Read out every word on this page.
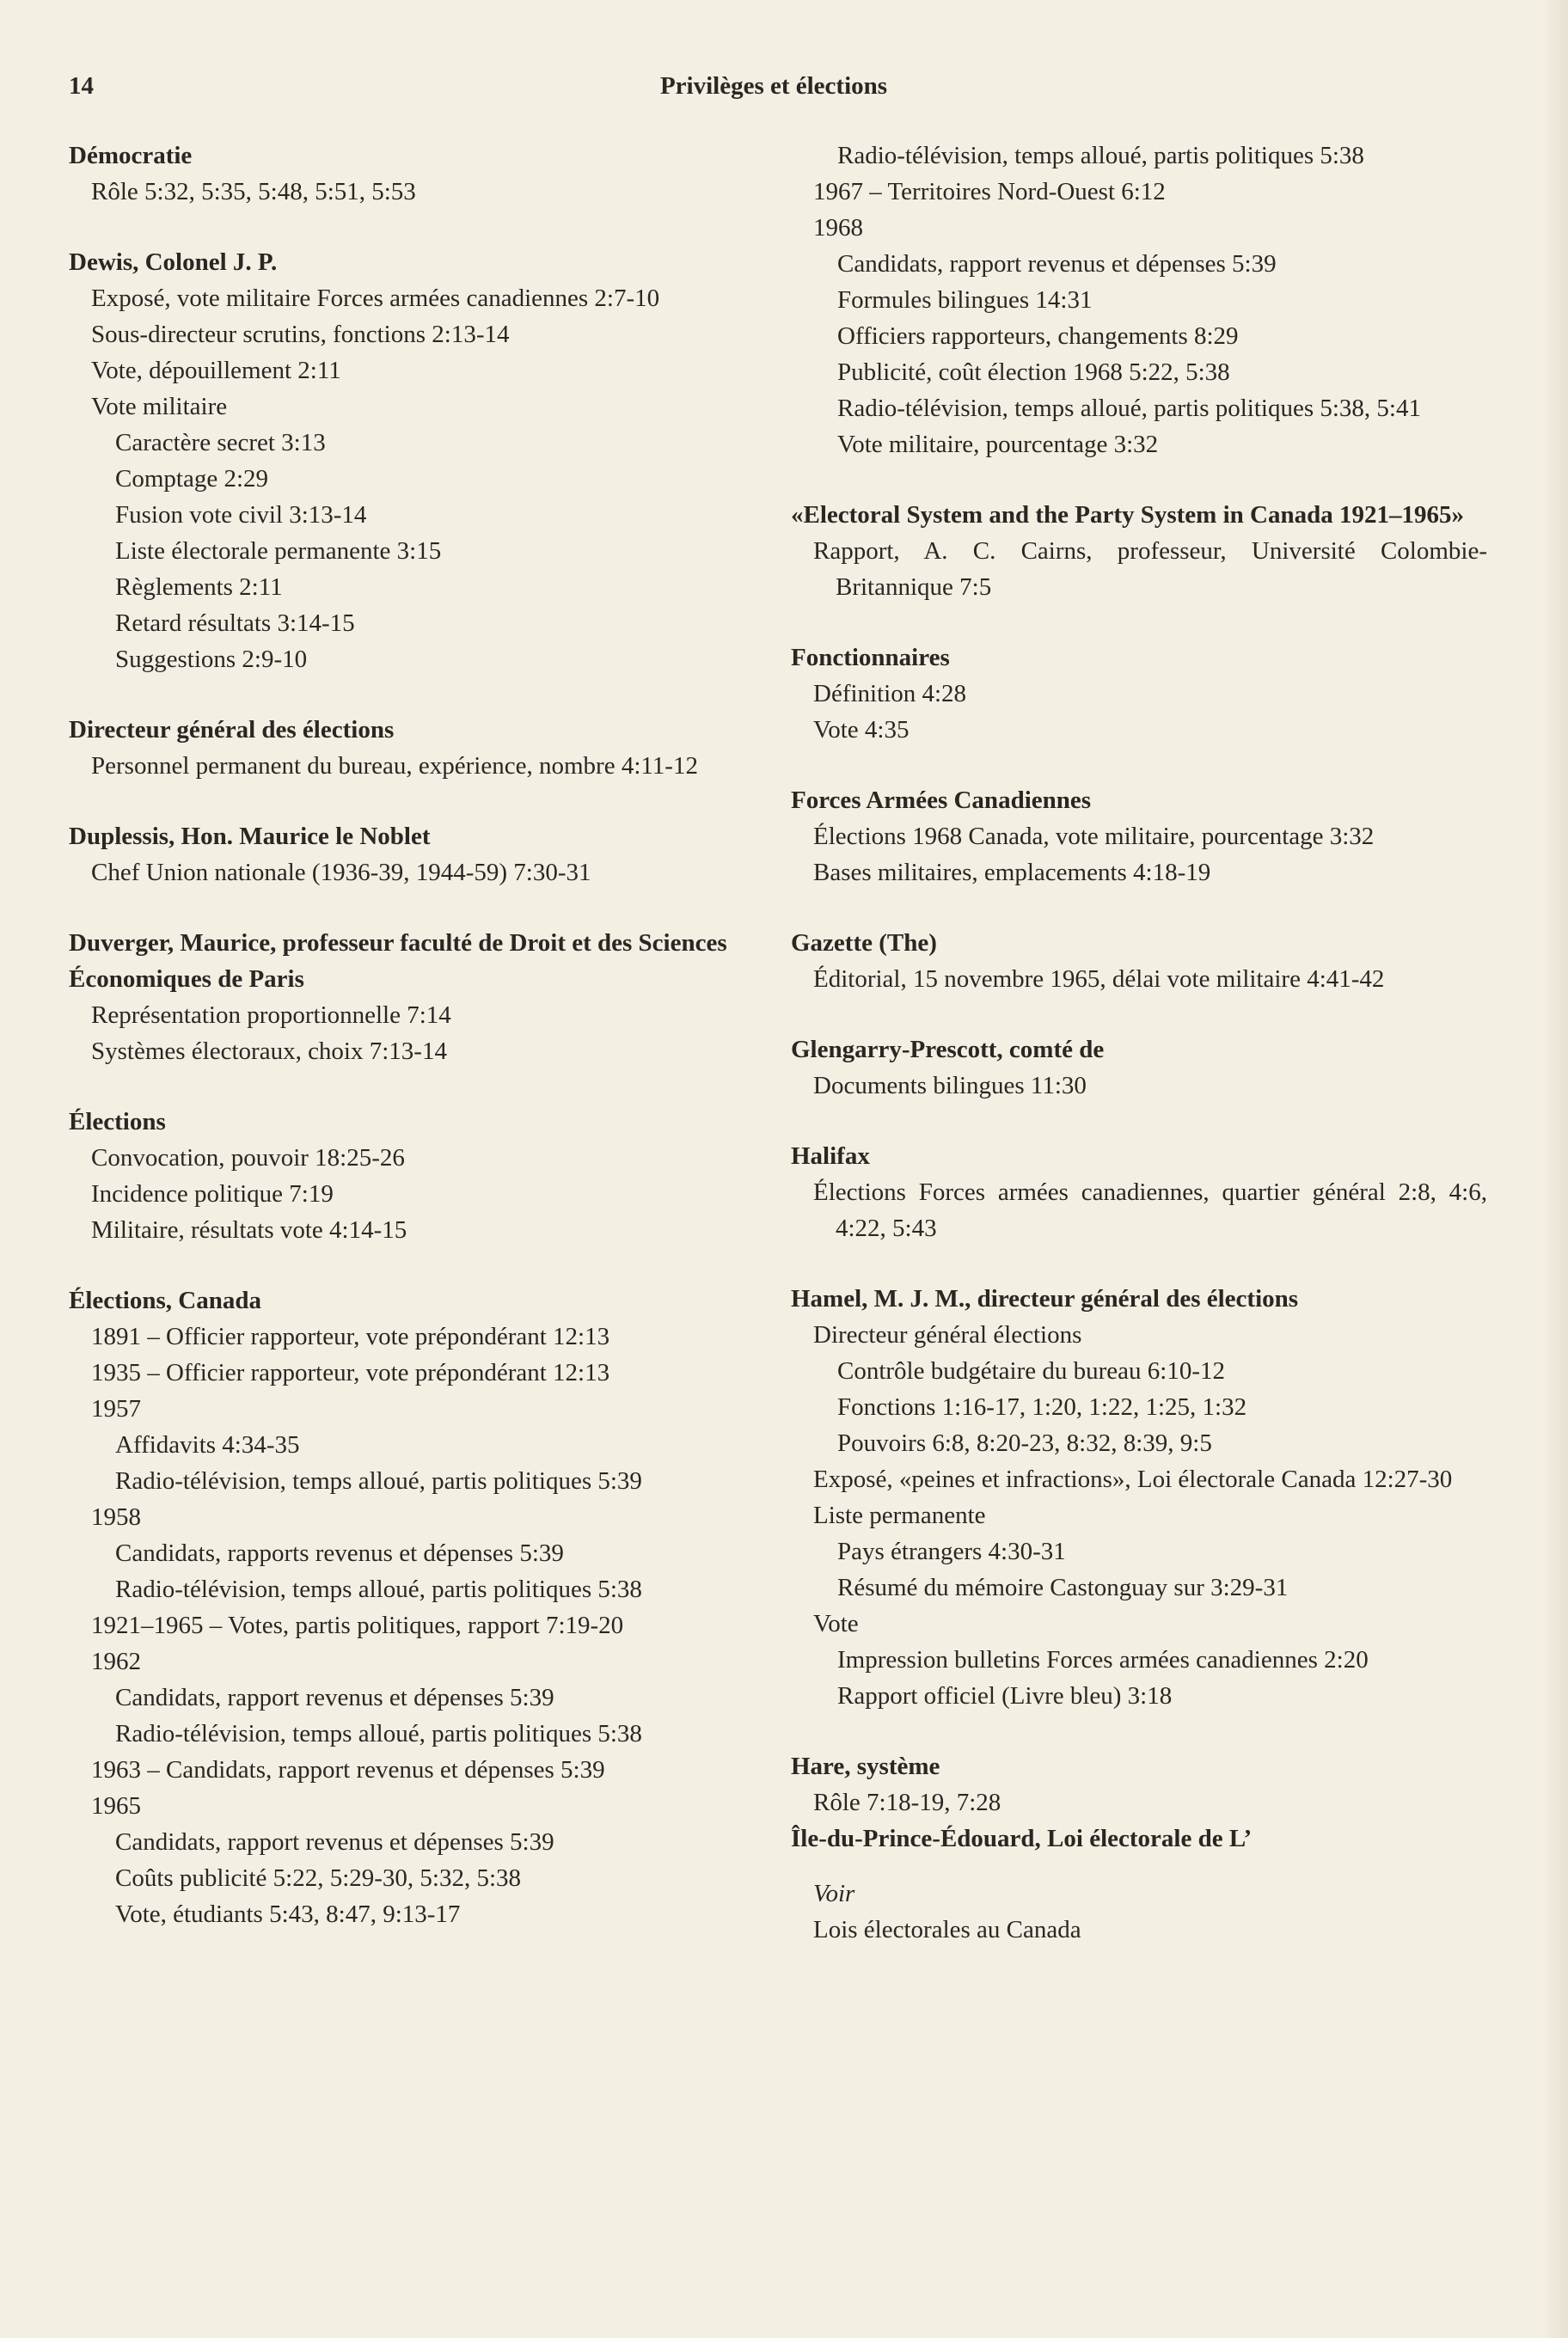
14	Privilèges et élections
Démocratie
Rôle 5:32, 5:35, 5:48, 5:51, 5:53
Dewis, Colonel J. P.
Exposé, vote militaire Forces armées canadiennes 2:7-10
Sous-directeur scrutins, fonctions 2:13-14
Vote, dépouillement 2:11
Vote militaire
Caractère secret 3:13
Comptage 2:29
Fusion vote civil 3:13-14
Liste électorale permanente 3:15
Règlements 2:11
Retard résultats 3:14-15
Suggestions 2:9-10
Directeur général des élections
Personnel permanent du bureau, expérience, nombre 4:11-12
Duplessis, Hon. Maurice le Noblet
Chef Union nationale (1936-39, 1944-59) 7:30-31
Duverger, Maurice, professeur faculté de Droit et des Sciences Économiques de Paris
Représentation proportionnelle 7:14
Systèmes électoraux, choix 7:13-14
Élections
Convocation, pouvoir 18:25-26
Incidence politique 7:19
Militaire, résultats vote 4:14-15
Élections, Canada
1891 – Officier rapporteur, vote prépondérant 12:13
1935 – Officier rapporteur, vote prépondérant 12:13
1957
Affidavits 4:34-35
Radio-télévision, temps alloué, partis politiques 5:39
1958
Candidats, rapports revenus et dépenses 5:39
Radio-télévision, temps alloué, partis politiques 5:38
1921–1965 – Votes, partis politiques, rapport 7:19-20
1962
Candidats, rapport revenus et dépenses 5:39
Radio-télévision, temps alloué, partis politiques 5:38
1963 – Candidats, rapport revenus et dépenses 5:39
1965
Candidats, rapport revenus et dépenses 5:39
Coûts publicité 5:22, 5:29-30, 5:32, 5:38
Vote, étudiants 5:43, 8:47, 9:13-17
Radio-télévision, temps alloué, partis politiques 5:38
1967 – Territoires Nord-Ouest 6:12
1968
Candidats, rapport revenus et dépenses 5:39
Formules bilingues 14:31
Officiers rapporteurs, changements 8:29
Publicité, coût élection 1968 5:22, 5:38
Radio-télévision, temps alloué, partis politiques 5:38, 5:41
Vote militaire, pourcentage 3:32
«Electoral System and the Party System in Canada 1921–1965»
Rapport, A. C. Cairns, professeur, Université Colombie-Britannique 7:5
Fonctionnaires
Définition 4:28
Vote 4:35
Forces Armées Canadiennes
Élections 1968 Canada, vote militaire, pourcentage 3:32
Bases militaires, emplacements 4:18-19
Gazette (The)
Éditorial, 15 novembre 1965, délai vote militaire 4:41-42
Glengarry-Prescott, comté de
Documents bilingues 11:30
Halifax
Élections Forces armées canadiennes, quartier général 2:8, 4:6, 4:22, 5:43
Hamel, M. J. M., directeur général des élections
Directeur général élections
Contrôle budgétaire du bureau 6:10-12
Fonctions 1:16-17, 1:20, 1:22, 1:25, 1:32
Pouvoirs 6:8, 8:20-23, 8:32, 8:39, 9:5
Exposé, «peines et infractions», Loi électorale Canada 12:27-30
Liste permanente
Pays étrangers 4:30-31
Résumé du mémoire Castonguay sur 3:29-31
Vote
Impression bulletins Forces armées canadiennes 2:20
Rapport officiel (Livre bleu) 3:18
Hare, système
Rôle 7:18-19, 7:28
Île-du-Prince-Édouard, Loi électorale de L’
Voir
Lois électorales au Canada
